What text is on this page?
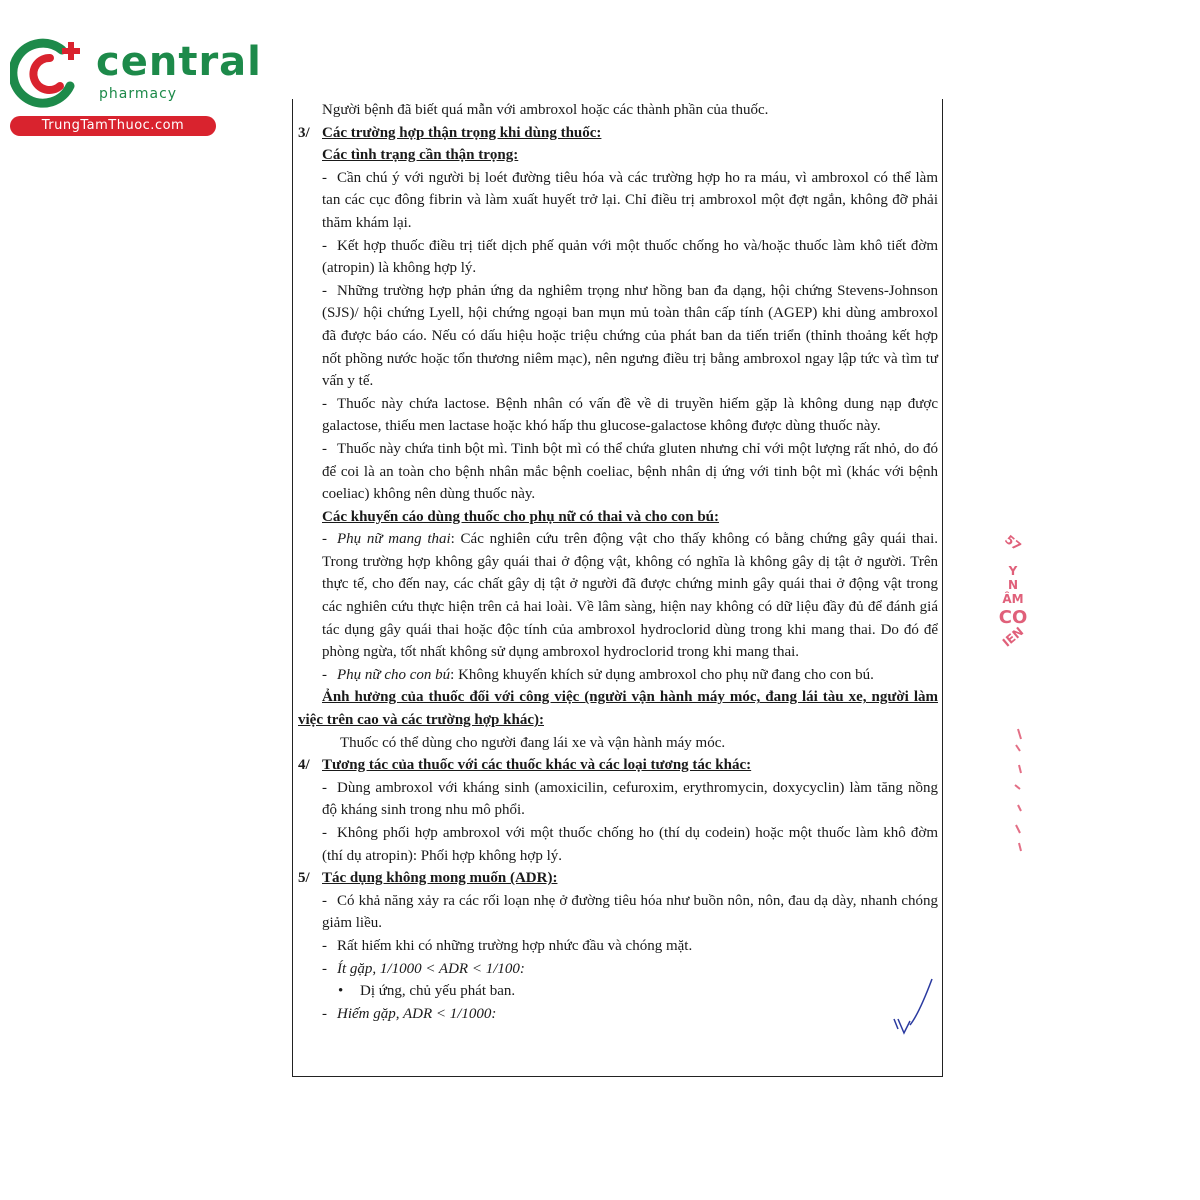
central
pharmacy
TrungTamThuoc.com

Người bệnh đã biết quá mẫn với ambroxol hoặc các thành phần của thuốc.

3/ Các trường hợp thận trọng khi dùng thuốc:

Các tình trạng cần thận trọng:

- Cần chú ý với người bị loét đường tiêu hóa và các trường hợp ho ra máu, vì ambroxol có thể làm tan các cục đông fibrin và làm xuất huyết trở lại. Chỉ điều trị ambroxol một đợt ngắn, không đỡ phải thăm khám lại.

- Kết hợp thuốc điều trị tiết dịch phế quản với một thuốc chống ho và/hoặc thuốc làm khô tiết đờm (atropin) là không hợp lý.

- Những trường hợp phản ứng da nghiêm trọng như hồng ban đa dạng, hội chứng Stevens-Johnson (SJS)/ hội chứng Lyell, hội chứng ngoại ban mụn mủ toàn thân cấp tính (AGEP) khi dùng ambroxol đã được báo cáo. Nếu có dấu hiệu hoặc triệu chứng của phát ban da tiến triển (thỉnh thoảng kết hợp nốt phồng nước hoặc tổn thương niêm mạc), nên ngưng điều trị bằng ambroxol ngay lập tức và tìm tư vấn y tế.

- Thuốc này chứa lactose. Bệnh nhân có vấn đề về di truyền hiếm gặp là không dung nạp được galactose, thiếu men lactase hoặc khó hấp thu glucose-galactose không được dùng thuốc này.

- Thuốc này chứa tinh bột mì. Tinh bột mì có thể chứa gluten nhưng chỉ với một lượng rất nhỏ, do đó để coi là an toàn cho bệnh nhân mắc bệnh coeliac, bệnh nhân dị ứng với tinh bột mì (khác với bệnh coeliac) không nên dùng thuốc này.

Các khuyến cáo dùng thuốc cho phụ nữ có thai và cho con bú:

- Phụ nữ mang thai: Các nghiên cứu trên động vật cho thấy không có bằng chứng gây quái thai. Trong trường hợp không gây quái thai ở động vật, không có nghĩa là không gây dị tật ở người. Trên thực tế, cho đến nay, các chất gây dị tật ở người đã được chứng minh gây quái thai ở động vật trong các nghiên cứu thực hiện trên cả hai loài. Về lâm sàng, hiện nay không có dữ liệu đầy đủ để đánh giá tác dụng gây quái thai hoặc độc tính của ambroxol hydroclorid dùng trong khi mang thai. Do đó để phòng ngừa, tốt nhất không sử dụng ambroxol hydroclorid trong khi mang thai.

- Phụ nữ cho con bú: Không khuyến khích sử dụng ambroxol cho phụ nữ đang cho con bú.

Ảnh hưởng của thuốc đối với công việc (người vận hành máy móc, đang lái tàu xe, người làm việc trên cao và các trường hợp khác):

Thuốc có thể dùng cho người đang lái xe và vận hành máy móc.

4/ Tương tác của thuốc với các thuốc khác và các loại tương tác khác:

- Dùng ambroxol với kháng sinh (amoxicilin, cefuroxim, erythromycin, doxycyclin) làm tăng nồng độ kháng sinh trong nhu mô phổi.

- Không phối hợp ambroxol với một thuốc chống ho (thí dụ codein) hoặc một thuốc làm khô đờm (thí dụ atropin): Phối hợp không hợp lý.

5/ Tác dụng không mong muốn (ADR):

- Có khả năng xảy ra các rối loạn nhẹ ở đường tiêu hóa như buồn nôn, nôn, đau dạ dày, nhanh chóng giảm liều.

- Rất hiếm khi có những trường hợp nhức đầu và chóng mặt.

- Ít gặp, 1/1000 < ADR < 1/100:

•	Dị ứng, chủ yếu phát ban.

- Hiếm gặp, ADR < 1/1000:

57
Y
N
ÂM
CO
IEN
